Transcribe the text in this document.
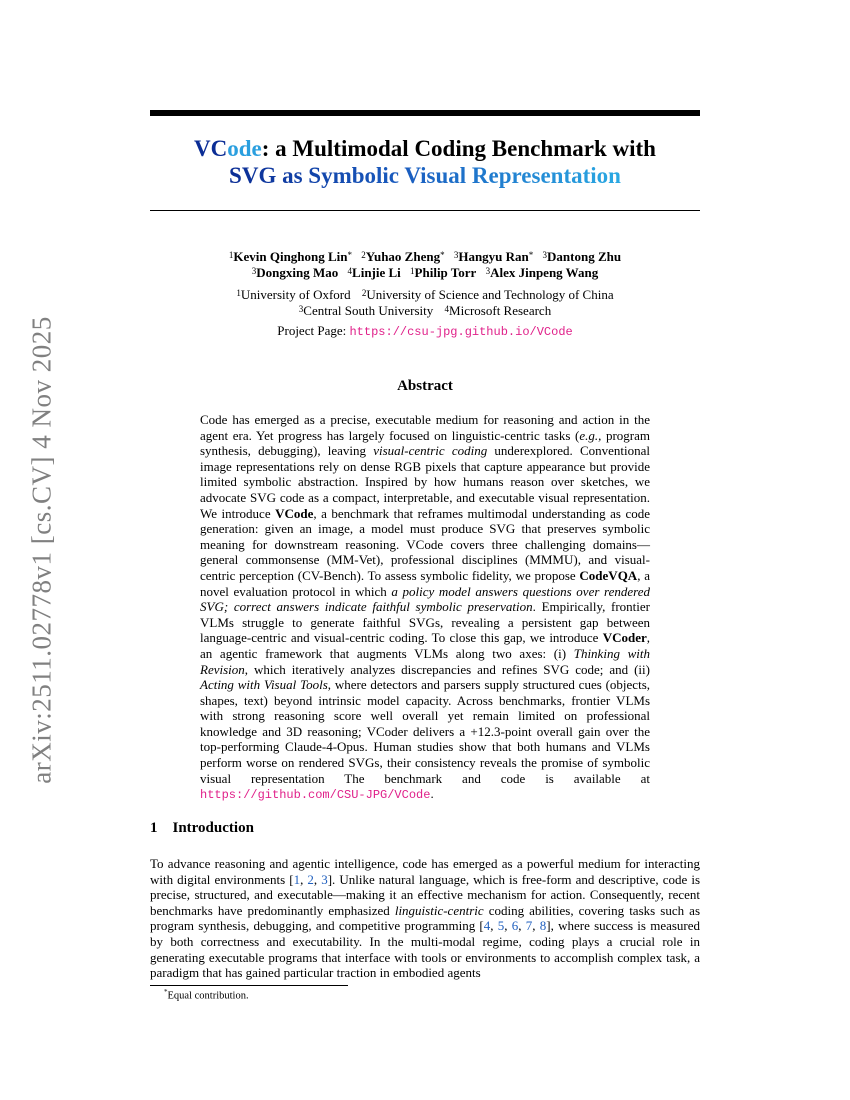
arXiv:2511.02778v1 [cs.CV] 4 Nov 2025
VCode: a Multimodal Coding Benchmark with
SVG as Symbolic Visual Representation
$^1$Kevin Qinghong Lin* $^2$Yuhao Zheng* $^3$Hangyu Ran* $^3$Dantong Zhu
$^3$Dongxing Mao $^4$Linjie Li $^1$Philip Torr $^3$Alex Jinpeng Wang
$^1$University of Oxford $^2$University of Science and Technology of China
$^3$Central South University $^4$Microsoft Research
Project Page: https://csu-jpg.github.io/VCode
Abstract

Code has emerged as a precise, executable medium for reasoning and action in the agent era. Yet progress has largely focused on linguistic-centric tasks (e.g., program synthesis, debugging), leaving visual-centric coding underexplored. Conventional image representations rely on dense RGB pixels that capture appearance but provide limited symbolic abstraction. Inspired by how humans reason over sketches, we advocate SVG code as a compact, interpretable, and executable visual representation. We introduce VCode, a benchmark that reframes multimodal understanding as code generation: given an image, a model must produce SVG that preserves symbolic meaning for downstream reasoning. VCode covers three challenging domains—general commonsense (MM-Vet), professional disciplines (MMMU), and visual-centric perception (CV-Bench). To assess symbolic fidelity, we propose CodeVQA, a novel evaluation protocol in which a policy model answers questions over rendered SVG; correct answers indicate faithful symbolic preservation. Empirically, frontier VLMs struggle to generate faithful SVGs, revealing a persistent gap between language-centric and visual-centric coding. To close this gap, we introduce VCoder, an agentic framework that augments VLMs along two axes: (i) Thinking with Revision, which iteratively analyzes discrepancies and refines SVG code; and (ii) Acting with Visual Tools, where detectors and parsers supply structured cues (objects, shapes, text) beyond intrinsic model capacity. Across benchmarks, frontier VLMs with strong reasoning score well overall yet remain limited on professional knowledge and 3D reasoning; VCoder delivers a +12.3-point overall gain over the top-performing Claude-4-Opus. Human studies show that both humans and VLMs perform worse on rendered SVGs, their consistency reveals the promise of symbolic visual representation The benchmark and code is available at https://github.com/CSU-JPG/VCode.

1 Introduction

To advance reasoning and agentic intelligence, code has emerged as a powerful medium for interacting with digital environments [1, 2, 3]. Unlike natural language, which is free-form and descriptive, code is precise, structured, and executable—making it an effective mechanism for action. Consequently, recent benchmarks have predominantly emphasized linguistic-centric coding abilities, covering tasks such as program synthesis, debugging, and competitive programming [4, 5, 6, 7, 8], where success is measured by both correctness and executability. In the multi-modal regime, coding plays a crucial role in generating executable programs that interface with tools or environments to accomplish complex task, a paradigm that has gained particular traction in embodied agents

*Equal contribution.
